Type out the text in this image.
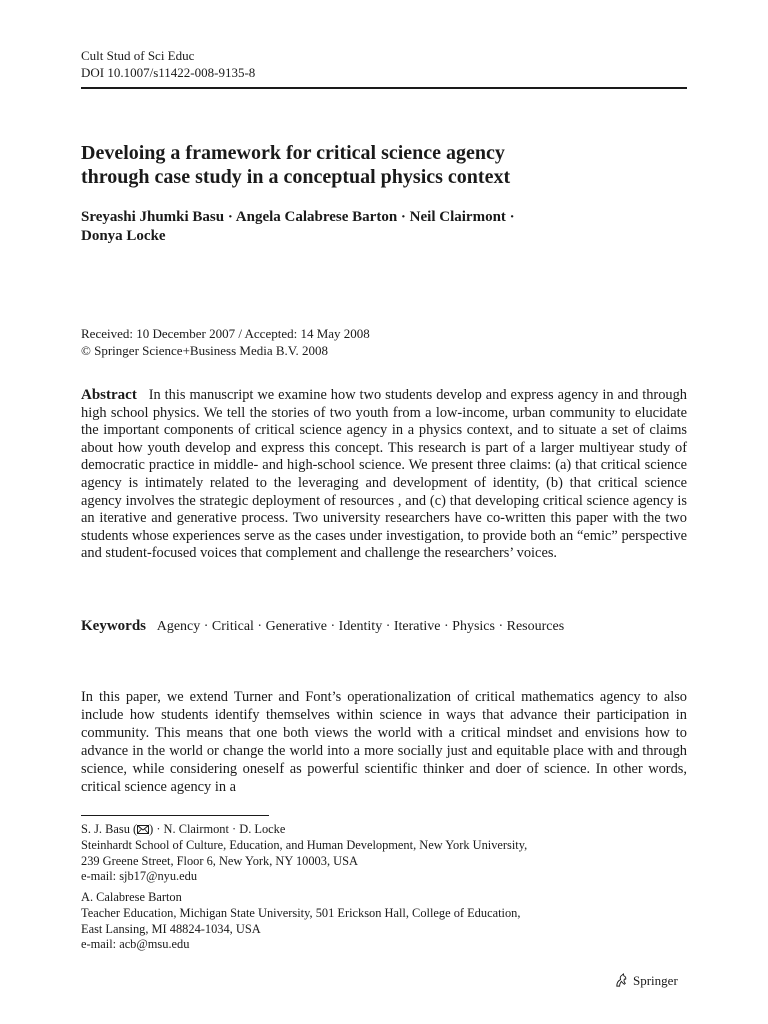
Cult Stud of Sci Educ
DOI 10.1007/s11422-008-9135-8
Develoing a framework for critical science agency
through case study in a conceptual physics context
Sreyashi Jhumki Basu · Angela Calabrese Barton · Neil Clairmont ·
Donya Locke
Received: 10 December 2007 / Accepted: 14 May 2008
© Springer Science+Business Media B.V. 2008
Abstract In this manuscript we examine how two students develop and express agency in and through high school physics. We tell the stories of two youth from a low-income, urban community to elucidate the important components of critical science agency in a physics context, and to situate a set of claims about how youth develop and express this concept. This research is part of a larger multiyear study of democratic practice in middle- and high-school science. We present three claims: (a) that critical science agency is intimately related to the leveraging and development of identity, (b) that critical science agency involves the strategic deployment of resources , and (c) that developing critical science agency is an iterative and generative process. Two university researchers have co-written this paper with the two students whose experiences serve as the cases under investigation, to provide both an “emic” perspective and student-focused voices that complement and challenge the researchers’ voices.
Keywords Agency · Critical · Generative · Identity · Iterative · Physics · Resources
In this paper, we extend Turner and Font’s operationalization of critical mathematics agency to also include how students identify themselves within science in ways that advance their participation in community. This means that one both views the world with a critical mindset and envisions how to advance in the world or change the world into a more socially just and equitable place with and through science, while considering oneself as powerful scientific thinker and doer of science. In other words, critical science agency in a
S. J. Basu ( ) · N. Clairmont · D. Locke
Steinhardt School of Culture, Education, and Human Development, New York University,
239 Greene Street, Floor 6, New York, NY 10003, USA
e-mail: sjb17@nyu.edu
A. Calabrese Barton
Teacher Education, Michigan State University, 501 Erickson Hall, College of Education,
East Lansing, MI 48824-1034, USA
e-mail: acb@msu.edu
Springer
